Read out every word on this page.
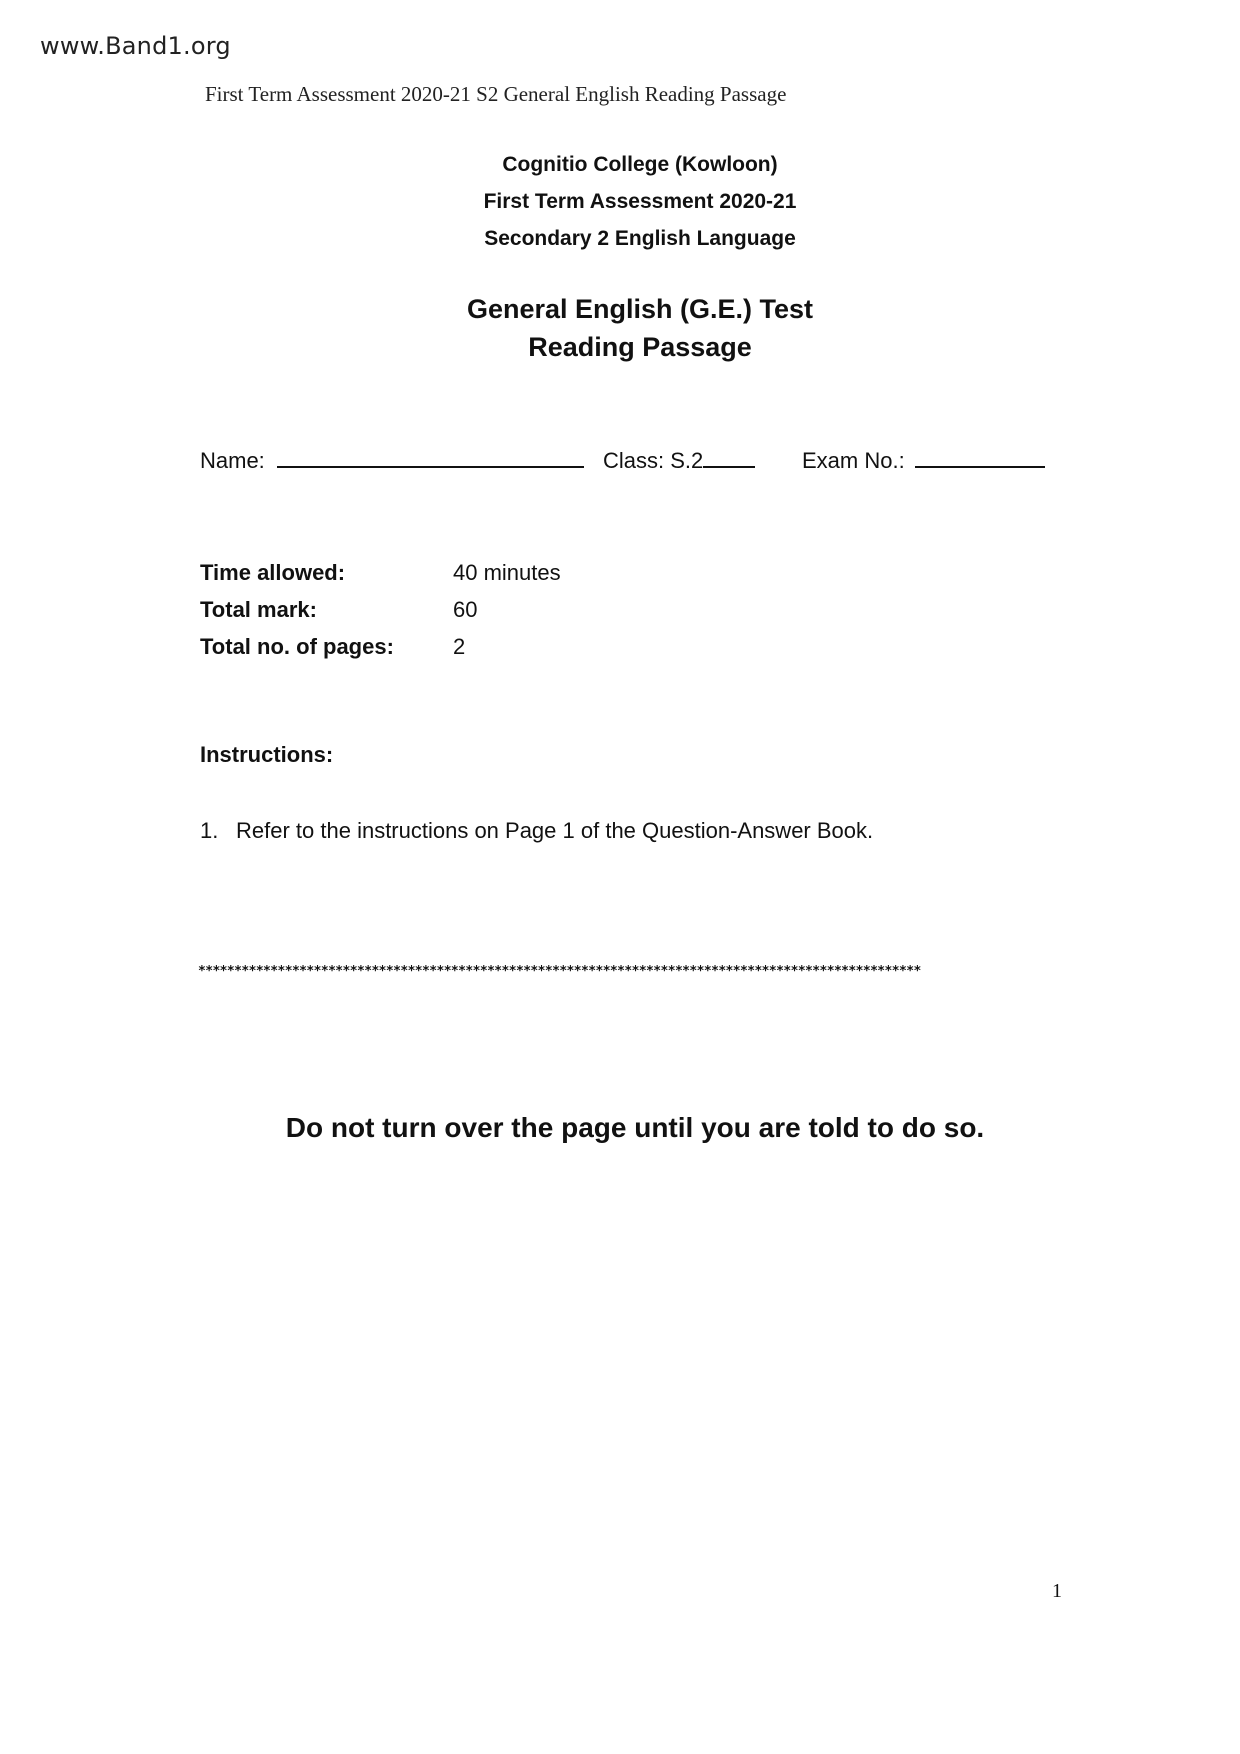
www.Band1.org
First Term Assessment 2020-21 S2 General English Reading Passage
Cognitio College (Kowloon)
First Term Assessment 2020-21
Secondary 2 English Language
General English (G.E.) Test
Reading Passage
Name:	Class: S.2	Exam No.:
Time allowed:	40 minutes
Total mark:	60
Total no. of pages:	2
Instructions:
1. Refer to the instructions on Page 1 of the Question-Answer Book.
****************************************************************************************************
Do not turn over the page until you are told to do so.
1
